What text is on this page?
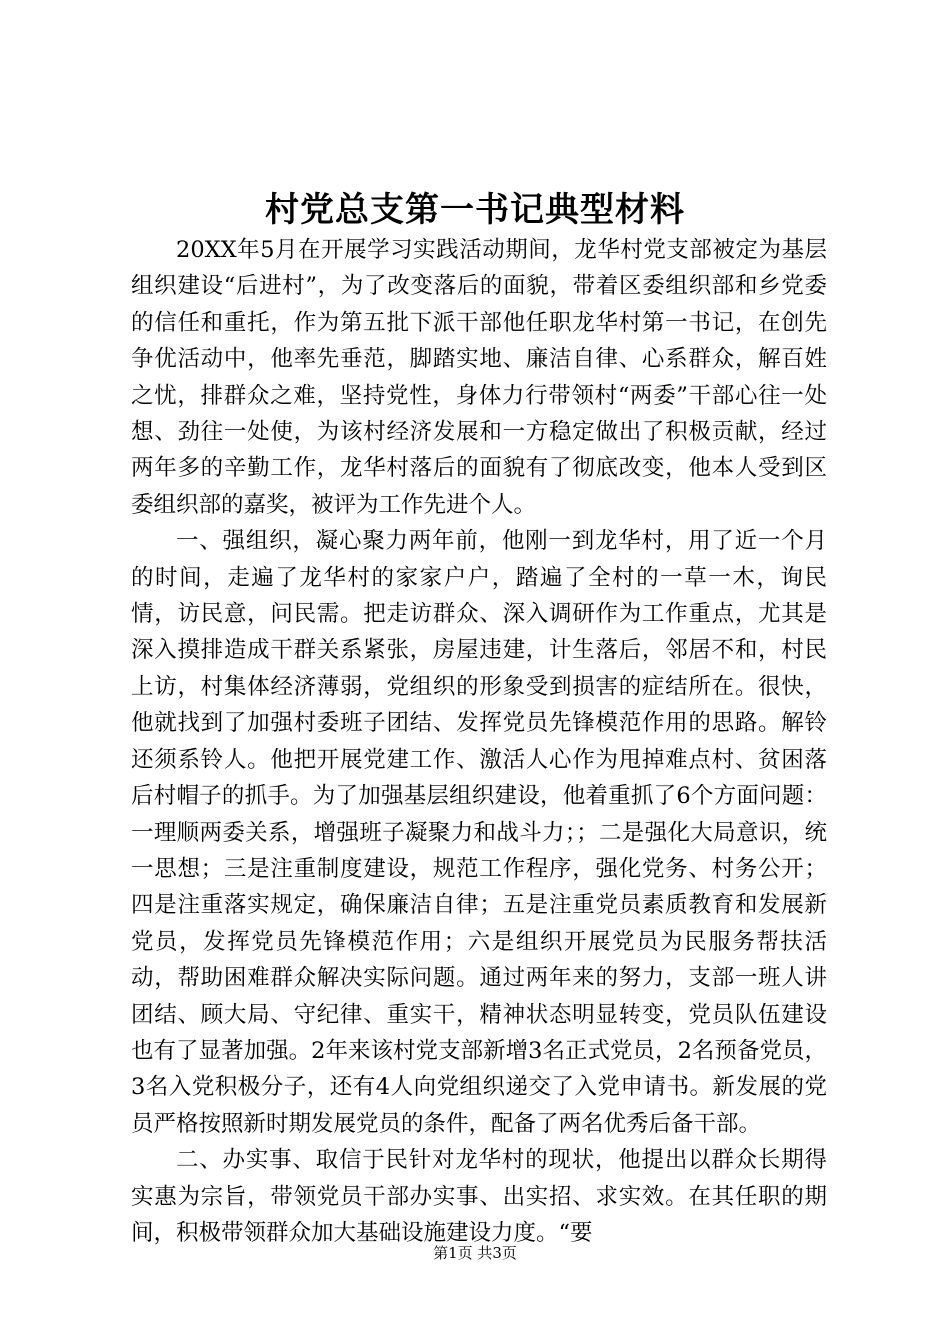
村党总支第一书记典型材料

20XX年5月在开展学习实践活动期间，龙华村党支部被定为基层组织建设“后进村”，为了改变落后的面貌，带着区委组织部和乡党委的信任和重托，作为第五批下派干部他任职龙华村第一书记，在创先争优活动中，他率先垂范，脚踏实地、廉洁自律、心系群众，解百姓之忧，排群众之难，坚持党性，身体力行带领村“两委”干部心往一处想、劲往一处使，为该村经济发展和一方稳定做出了积极贡献，经过两年多的辛勤工作，龙华村落后的面貌有了彻底改变，他本人受到区委组织部的嘉奖，被评为工作先进个人。

一、强组织，凝心聚力两年前，他刚一到龙华村，用了近一个月的时间，走遍了龙华村的家家户户，踏遍了全村的一草一木，询民情，访民意，问民需。把走访群众、深入调研作为工作重点，尤其是深入摸排造成干群关系紧张，房屋违建，计生落后，邻居不和，村民上访，村集体经济薄弱，党组织的形象受到损害的症结所在。很快，他就找到了加强村委班子团结、发挥党员先锋模范作用的思路。解铃还须系铃人。他把开展党建工作、激活人心作为甩掉难点村、贫困落后村帽子的抓手。为了加强基层组织建设，他着重抓了6个方面问题：一理顺两委关系，增强班子凝聚力和战斗力；；二是强化大局意识，统一思想；三是注重制度建设，规范工作程序，强化党务、村务公开；四是注重落实规定，确保廉洁自律；五是注重党员素质教育和发展新党员，发挥党员先锋模范作用；六是组织开展党员为民服务帮扶活动，帮助困难群众解决实际问题。通过两年来的努力，支部一班人讲团结、顾大局、守纪律、重实干，精神状态明显转变，党员队伍建设也有了显著加强。2年来该村党支部新增3名正式党员，2名预备党员，3名入党积极分子，还有4人向党组织递交了入党申请书。新发展的党员严格按照新时期发展党员的条件，配备了两名优秀后备干部。

二、办实事、取信于民针对龙华村的现状，他提出以群众长期得实惠为宗旨，带领党员干部办实事、出实招、求实效。在其任职的期间，积极带领群众加大基础设施建设力度。“要

第1页 共3页
